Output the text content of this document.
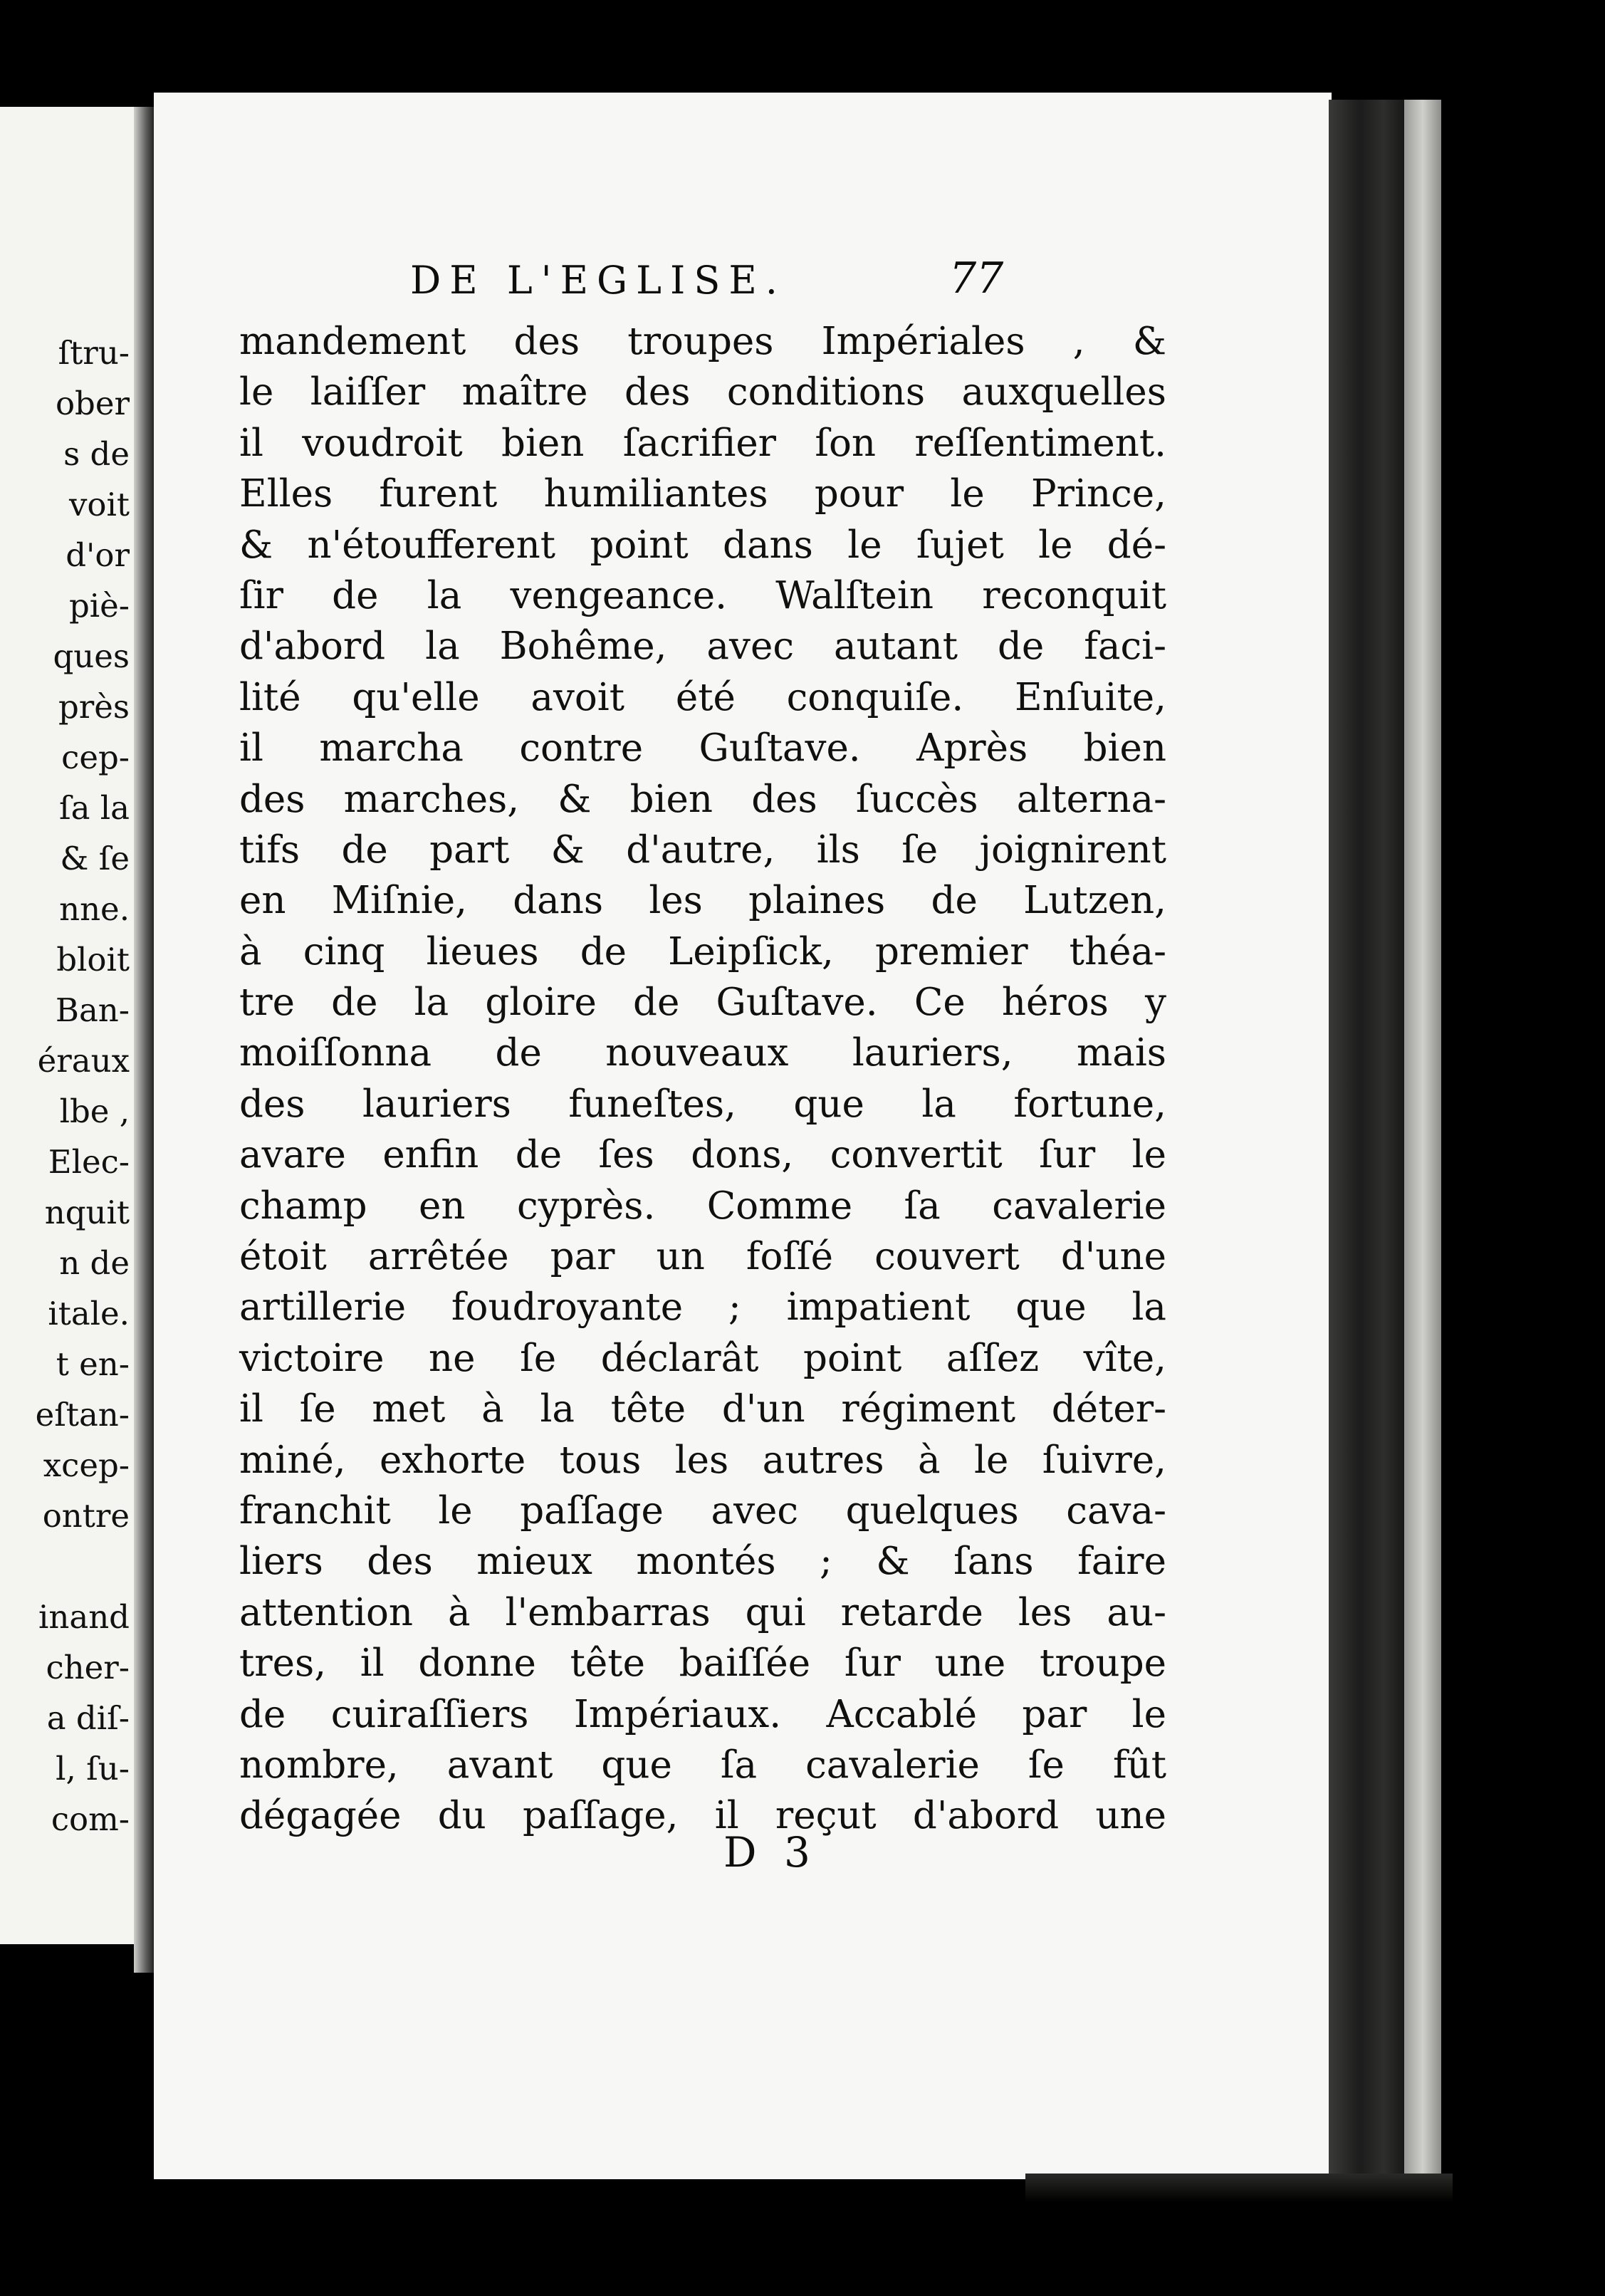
ſtru-
ober
s de
voit
d'or
piè-
ques
près
cep-
ſa la
& ſe
nne.
bloit
Ban-
éraux
lbe ,
Elec-
nquit
n de
itale.
t en-
eſtan-
xcep-
ontre
inand
cher-
a diſ-
l, ſu-
com-
DE L'EGLISE.	77
mandement des troupes Impériales , &
le laiſſer maître des conditions auxquelles
il voudroit bien ſacrifier ſon reſſentiment.
Elles furent humiliantes pour le Prince,
& n'étoufferent point dans le ſujet le dé-
ſir de la vengeance. Walſtein reconquit
d'abord la Bohême, avec autant de faci-
lité qu'elle avoit été conquiſe. Enſuite,
il marcha contre Guſtave. Après bien
des marches, & bien des ſuccès alterna-
tifs de part & d'autre, ils ſe joignirent
en Miſnie, dans les plaines de Lutzen,
à cinq lieues de Leipſick, premier théa-
tre de la gloire de Guſtave. Ce héros y
moiſſonna de nouveaux lauriers, mais
des lauriers funeſtes, que la fortune,
avare enfin de ſes dons, convertit ſur le
champ en cyprès. Comme ſa cavalerie
étoit arrêtée par un foſſé couvert d'une
artillerie foudroyante ; impatient que la
victoire ne ſe déclarât point aſſez vîte,
il ſe met à la tête d'un régiment déter-
miné, exhorte tous les autres à le ſuivre,
franchit le paſſage avec quelques cava-
liers des mieux montés ; & ſans faire
attention à l'embarras qui retarde les au-
tres, il donne tête baiſſée ſur une troupe
de cuiraſſiers Impériaux. Accablé par le
nombre, avant que ſa cavalerie ſe fût
dégagée du paſſage, il reçut d'abord une
D 3
